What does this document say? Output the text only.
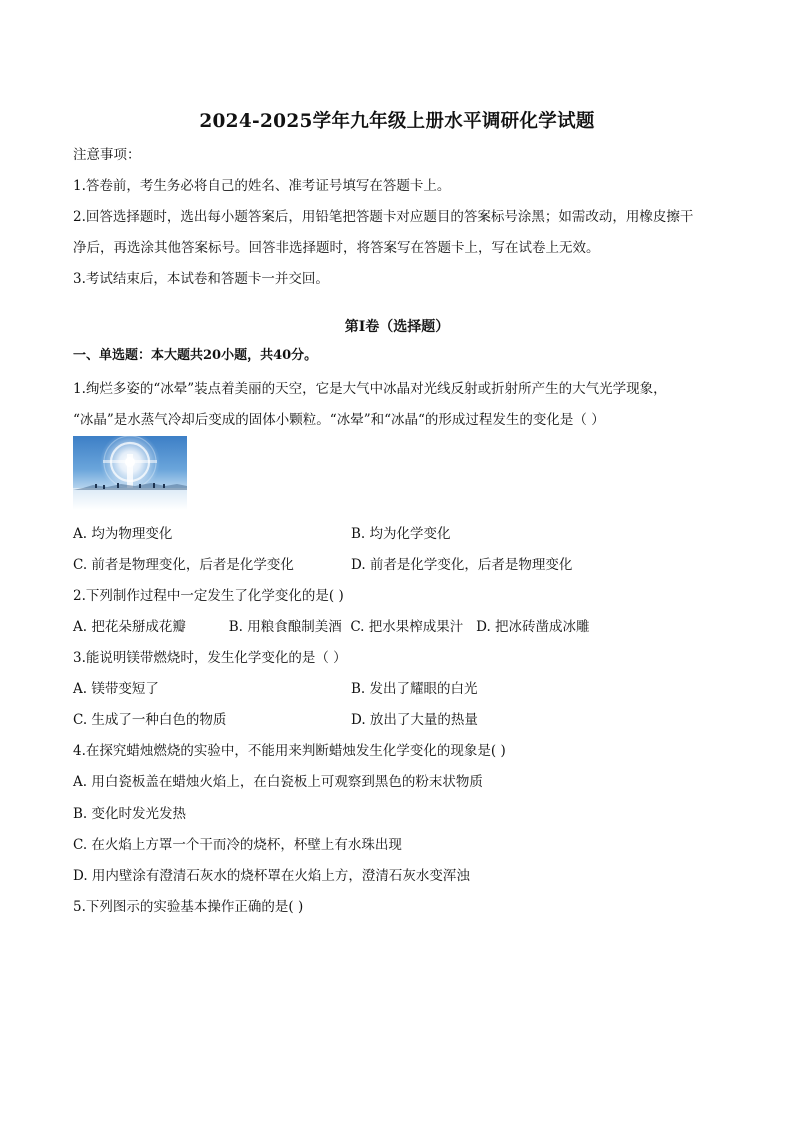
2024-2025学年九年级上册水平调研化学试题
注意事项：
1.答卷前，考生务必将自己的姓名、准考证号填写在答题卡上。
2.回答选择题时，选出每小题答案后，用铅笔把答题卡对应题目的答案标号涂黑；如需改动，用橡皮擦干
净后，再选涂其他答案标号。回答非选择题时，将答案写在答题卡上，写在试卷上无效。
3.考试结束后，本试卷和答题卡一并交回。
第I卷（选择题）
一、单选题：本大题共20小题，共40分。
1.绚烂多姿的“冰晕”装点着美丽的天空，它是大气中冰晶对光线反射或折射所产生的大气光学现象，
“冰晶”是水蒸气冷却后变成的固体小颗粒。“冰晕”和“冰晶“的形成过程发生的变化是（ ）
A. 均为物理变化	B. 均为化学变化
C. 前者是物理变化，后者是化学变化	D. 前者是化学变化，后者是物理变化
2.下列制作过程中一定发生了化学变化的是( )
A. 把花朵掰成花瓣          B. 用粮食酿制美酒  C. 把水果榨成果汁   D. 把冰砖凿成冰雕
3.能说明镁带燃烧时，发生化学变化的是（ ）
A. 镁带变短了	B. 发出了耀眼的白光
C. 生成了一种白色的物质	D. 放出了大量的热量
4.在探究蜡烛燃烧的实验中，不能用来判断蜡烛发生化学变化的现象是( )
A. 用白瓷板盖在蜡烛火焰上，在白瓷板上可观察到黑色的粉末状物质
B. 变化时发光发热
C. 在火焰上方罩一个干而冷的烧杯，杯壁上有水珠出现
D. 用内壁涂有澄清石灰水的烧杯罩在火焰上方，澄清石灰水变浑浊
5.下列图示的实验基本操作正确的是( )
